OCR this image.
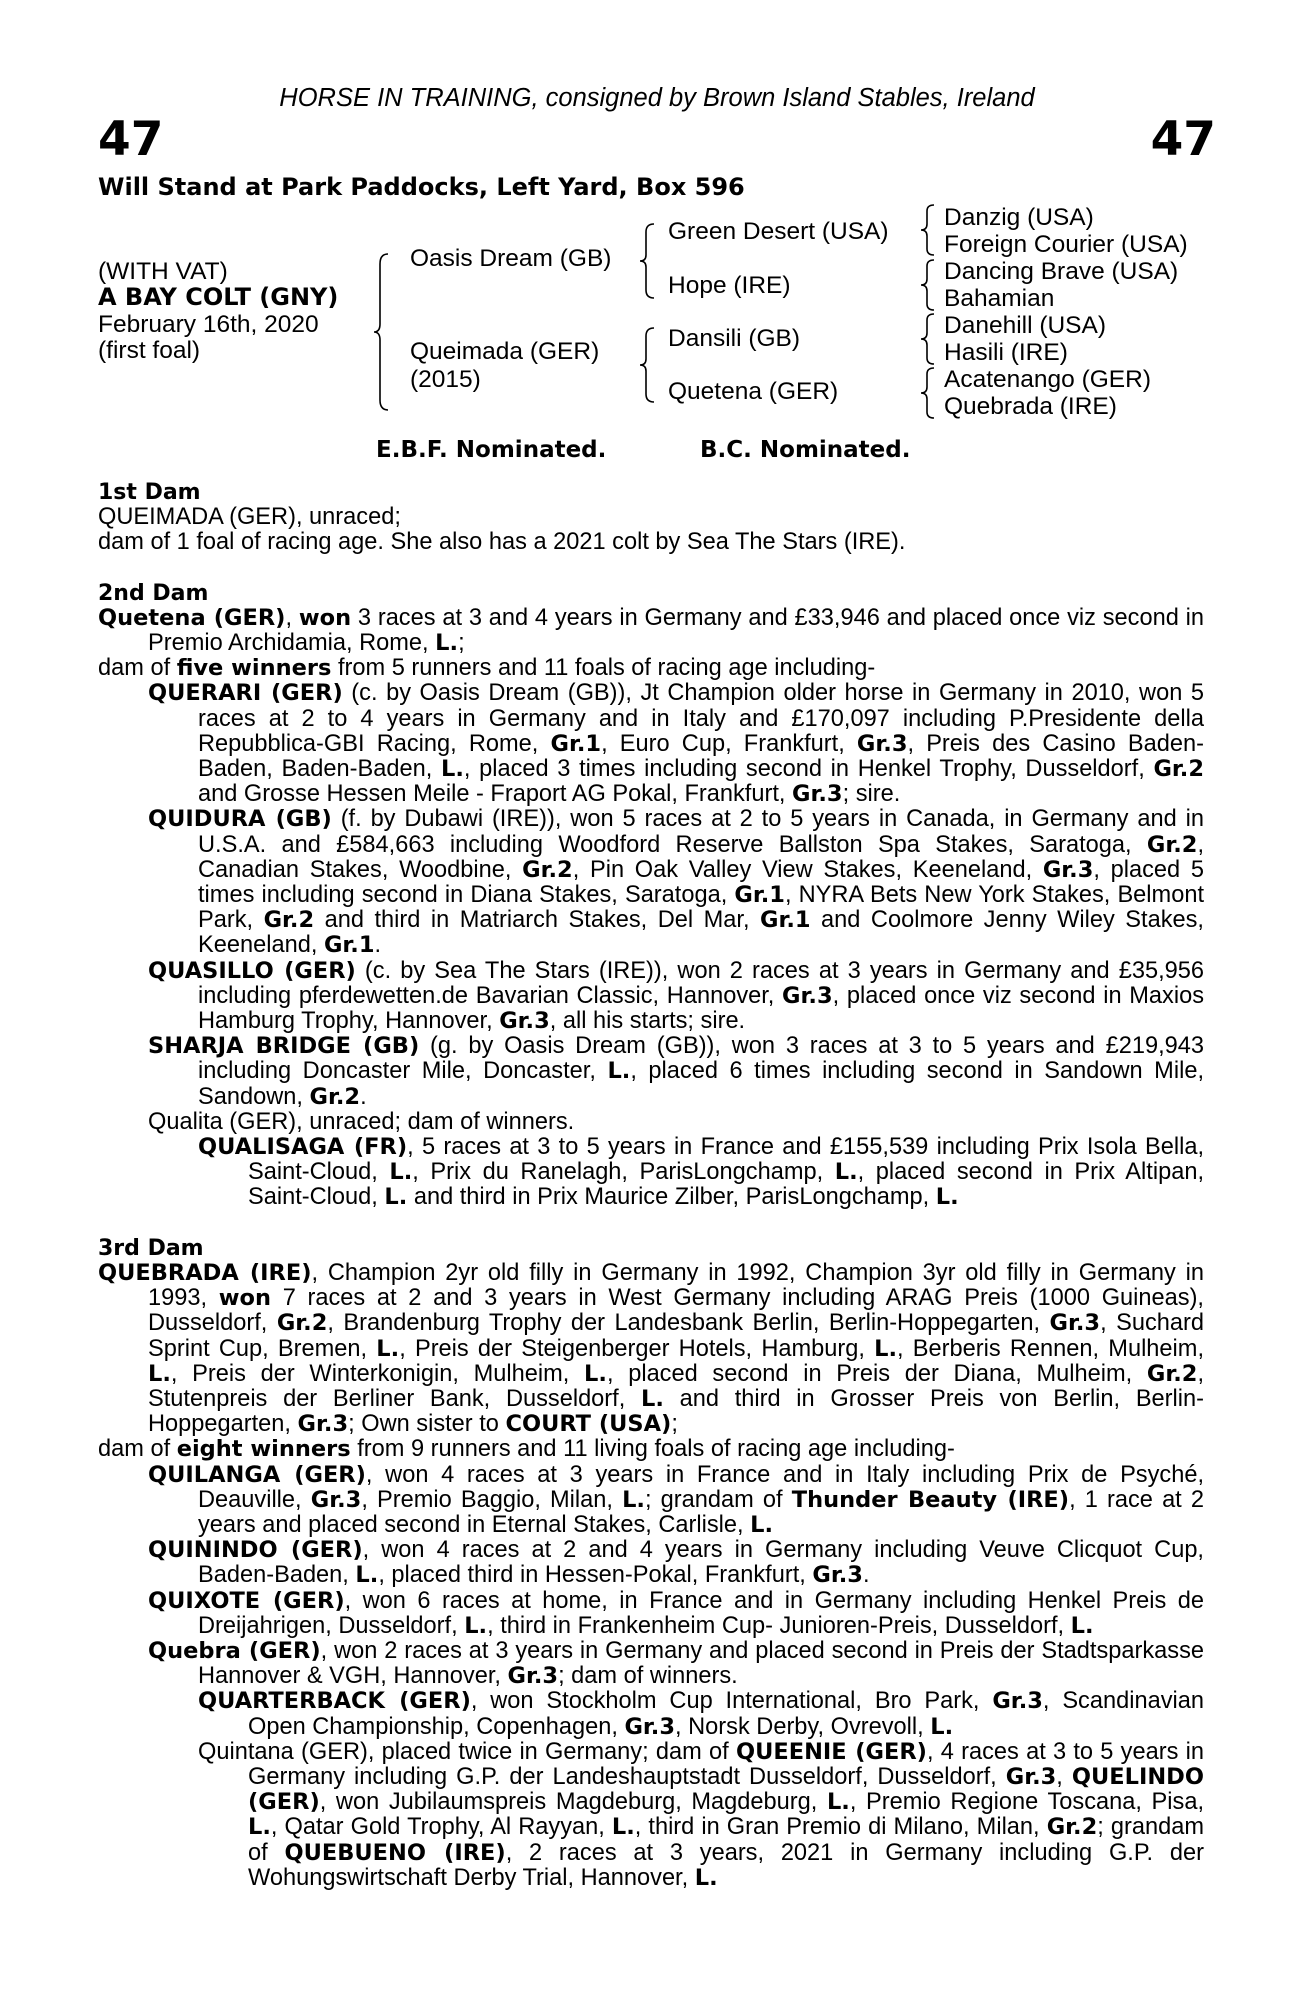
47	47
HORSE IN TRAINING, consigned by Brown Island Stables, Ireland
Will Stand at Park Paddocks, Left Yard, Box 596
(WITH VAT)
A BAY COLT (GNY)
February 16th, 2020
(first foal)
Oasis Dream (GB)
Queimada (GER)
(2015)
Green Desert (USA)
Hope (IRE)
Dansili (GB)
Quetena (GER)
Danzig (USA)
Foreign Courier (USA)
Dancing Brave (USA)
Bahamian
Danehill (USA)
Hasili (IRE)
Acatenango (GER)
Quebrada (IRE)
E.B.F. Nominated.	B.C. Nominated.
1st Dam

QUEIMADA (GER), unraced;

dam of 1 foal of racing age. She also has a 2021 colt by Sea The Stars (IRE).

2nd Dam

Quetena (GER), won 3 races at 3 and 4 years in Germany and £33,946 and placed once viz second in Premio Archidamia, Rome, L.;

dam of five winners from 5 runners and 11 foals of racing age including-

QUERARI (GER) (c. by Oasis Dream (GB)), Jt Champion older horse in Germany in 2010, won 5 races at 2 to 4 years in Germany and in Italy and £170,097 including P.Presidente della Repubblica-GBI Racing, Rome, Gr.1, Euro Cup, Frankfurt, Gr.3, Preis des Casino Baden-Baden, Baden-Baden, L., placed 3 times including second in Henkel Trophy, Dusseldorf, Gr.2 and Grosse Hessen Meile - Fraport AG Pokal, Frankfurt, Gr.3; sire.

QUIDURA (GB) (f. by Dubawi (IRE)), won 5 races at 2 to 5 years in Canada, in Germany and in U.S.A. and £584,663 including Woodford Reserve Ballston Spa Stakes, Saratoga, Gr.2, Canadian Stakes, Woodbine, Gr.2, Pin Oak Valley View Stakes, Keeneland, Gr.3, placed 5 times including second in Diana Stakes, Saratoga, Gr.1, NYRA Bets New York Stakes, Belmont Park, Gr.2 and third in Matriarch Stakes, Del Mar, Gr.1 and Coolmore Jenny Wiley Stakes, Keeneland, Gr.1.

QUASILLO (GER) (c. by Sea The Stars (IRE)), won 2 races at 3 years in Germany and £35,956 including pferdewetten.de Bavarian Classic, Hannover, Gr.3, placed once viz second in Maxios Hamburg Trophy, Hannover, Gr.3, all his starts; sire.

SHARJA BRIDGE (GB) (g. by Oasis Dream (GB)), won 3 races at 3 to 5 years and £219,943 including Doncaster Mile, Doncaster, L., placed 6 times including second in Sandown Mile, Sandown, Gr.2.

Qualita (GER), unraced; dam of winners.

QUALISAGA (FR), 5 races at 3 to 5 years in France and £155,539 including Prix Isola Bella, Saint-Cloud, L., Prix du Ranelagh, ParisLongchamp, L., placed second in Prix Altipan, Saint-Cloud, L. and third in Prix Maurice Zilber, ParisLongchamp, L.

3rd Dam

QUEBRADA (IRE), Champion 2yr old filly in Germany in 1992, Champion 3yr old filly in Germany in 1993, won 7 races at 2 and 3 years in West Germany including ARAG Preis (1000 Guineas), Dusseldorf, Gr.2, Brandenburg Trophy der Landesbank Berlin, Berlin-Hoppegarten, Gr.3, Suchard Sprint Cup, Bremen, L., Preis der Steigenberger Hotels, Hamburg, L., Berberis Rennen, Mulheim, L., Preis der Winterkonigin, Mulheim, L., placed second in Preis der Diana, Mulheim, Gr.2, Stutenpreis der Berliner Bank, Dusseldorf, L. and third in Grosser Preis von Berlin, Berlin-Hoppegarten, Gr.3; Own sister to COURT (USA);

dam of eight winners from 9 runners and 11 living foals of racing age including-

QUILANGA (GER), won 4 races at 3 years in France and in Italy including Prix de Psyché, Deauville, Gr.3, Premio Baggio, Milan, L.; grandam of Thunder Beauty (IRE), 1 race at 2 years and placed second in Eternal Stakes, Carlisle, L.

QUININDO (GER), won 4 races at 2 and 4 years in Germany including Veuve Clicquot Cup, Baden-Baden, L., placed third in Hessen-Pokal, Frankfurt, Gr.3.

QUIXOTE (GER), won 6 races at home, in France and in Germany including Henkel Preis de Dreijahrigen, Dusseldorf, L., third in Frankenheim Cup- Junioren-Preis, Dusseldorf, L.

Quebra (GER), won 2 races at 3 years in Germany and placed second in Preis der Stadtsparkasse Hannover & VGH, Hannover, Gr.3; dam of winners.

QUARTERBACK (GER), won Stockholm Cup International, Bro Park, Gr.3, Scandinavian Open Championship, Copenhagen, Gr.3, Norsk Derby, Ovrevoll, L.

Quintana (GER), placed twice in Germany; dam of QUEENIE (GER), 4 races at 3 to 5 years in Germany including G.P. der Landeshauptstadt Dusseldorf, Dusseldorf, Gr.3, QUELINDO (GER), won Jubilaumspreis Magdeburg, Magdeburg, L., Premio Regione Toscana, Pisa, L., Qatar Gold Trophy, Al Rayyan, L., third in Gran Premio di Milano, Milan, Gr.2; grandam of QUEBUENO (IRE), 2 races at 3 years, 2021 in Germany including G.P. der Wohungswirtschaft Derby Trial, Hannover, L.
